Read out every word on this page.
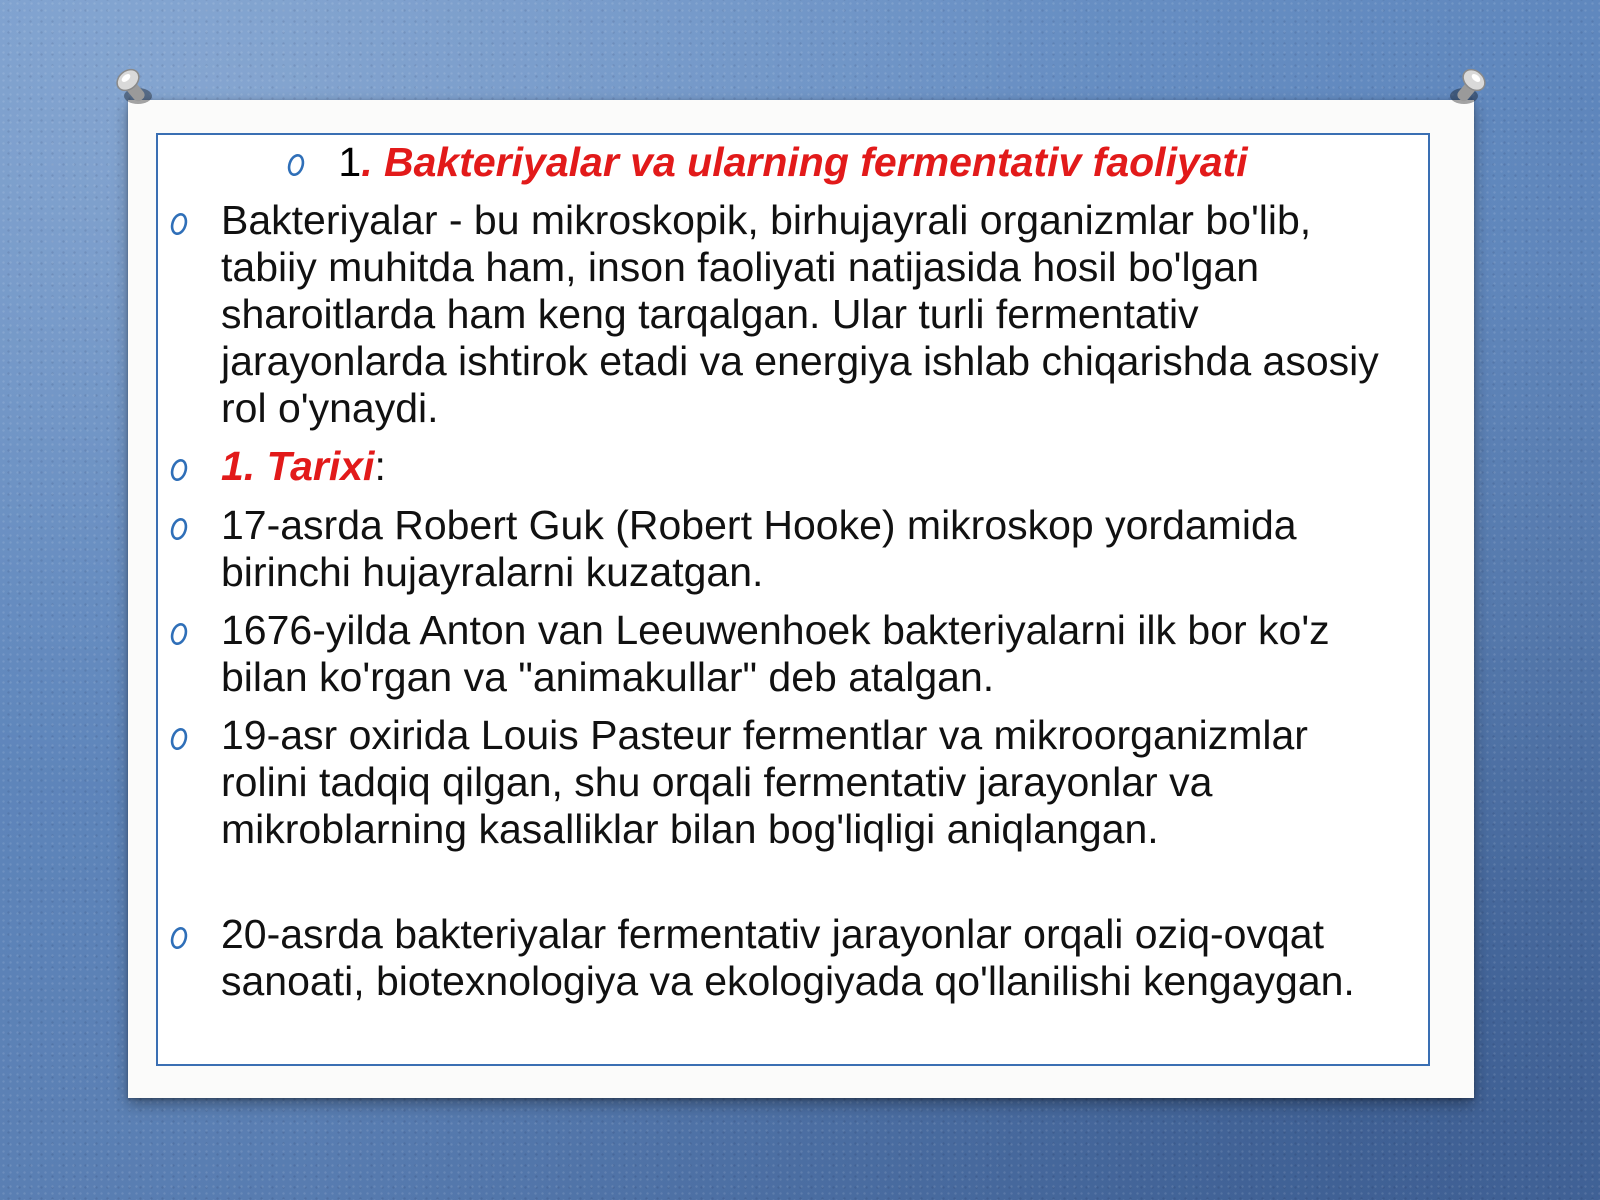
1. Bakteriyalar va ularning fermentativ faoliyati
Bakteriyalar - bu mikroskopik, birhujayrali organizmlar bo'lib, tabiiy muhitda ham, inson faoliyati natijasida hosil bo'lgan sharoitlarda ham keng tarqalgan. Ular turli fermentativ jarayonlarda ishtirok etadi va energiya ishlab chiqarishda asosiy rol o'ynaydi.
1. Tarixi:
17-asrda Robert Guk (Robert Hooke) mikroskop yordamida birinchi hujayralarni kuzatgan.
1676-yilda Anton van Leeuwenhoek bakteriyalarni ilk bor ko'z bilan ko'rgan va "animakullar" deb atalgan.
19-asr oxirida Louis Pasteur fermentlar va mikroorganizmlar rolini tadqiq qilgan, shu orqali fermentativ jarayonlar va mikroblarning kasalliklar bilan bog'liqligi aniqlangan.
20-asrda bakteriyalar fermentativ jarayonlar orqali oziq-ovqat sanoati, biotexnologiya va ekologiyada qo'llanilishi kengaygan.
